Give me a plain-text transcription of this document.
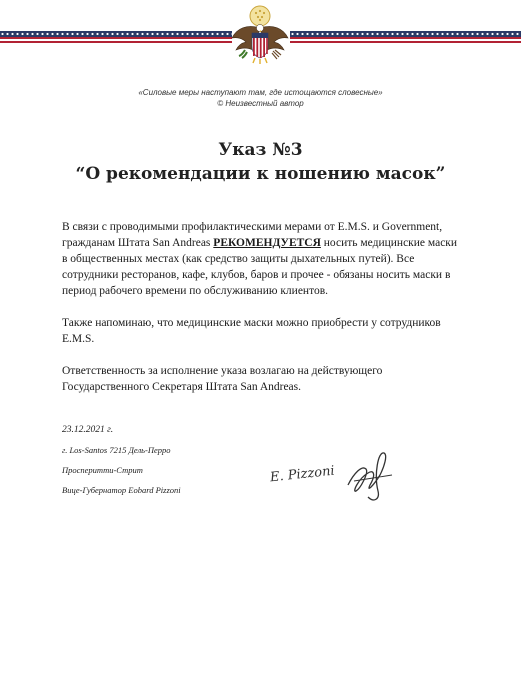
«Силовые меры наступают там, где истощаются словесные»
© Неизвестный автор
Указ №3
“О рекомендации к ношению масок”

В связи с проводимыми профилактическими мерами от E.M.S. и Government, гражданам Штата San Andreas РЕКОМЕНДУЕТСЯ носить медицинские маски в общественных местах (как средство защиты дыхательных путей). Все сотрудники ресторанов, кафе, клубов, баров и прочее - обязаны носить маски в период рабочего времени по обслуживанию клиентов.

Также напоминаю, что медицинские маски можно приобрести у сотрудников E.M.S.

Ответственность за исполнение указа возлагаю на действующего Государственного Секретаря Штата San Andreas.

23.12.2021 г.
г. Los-Santos 7215 Дель-Перро
Просперитти-Стрит
Вице-Губернатор Eobard Pizzoni
E. Pizzoni
